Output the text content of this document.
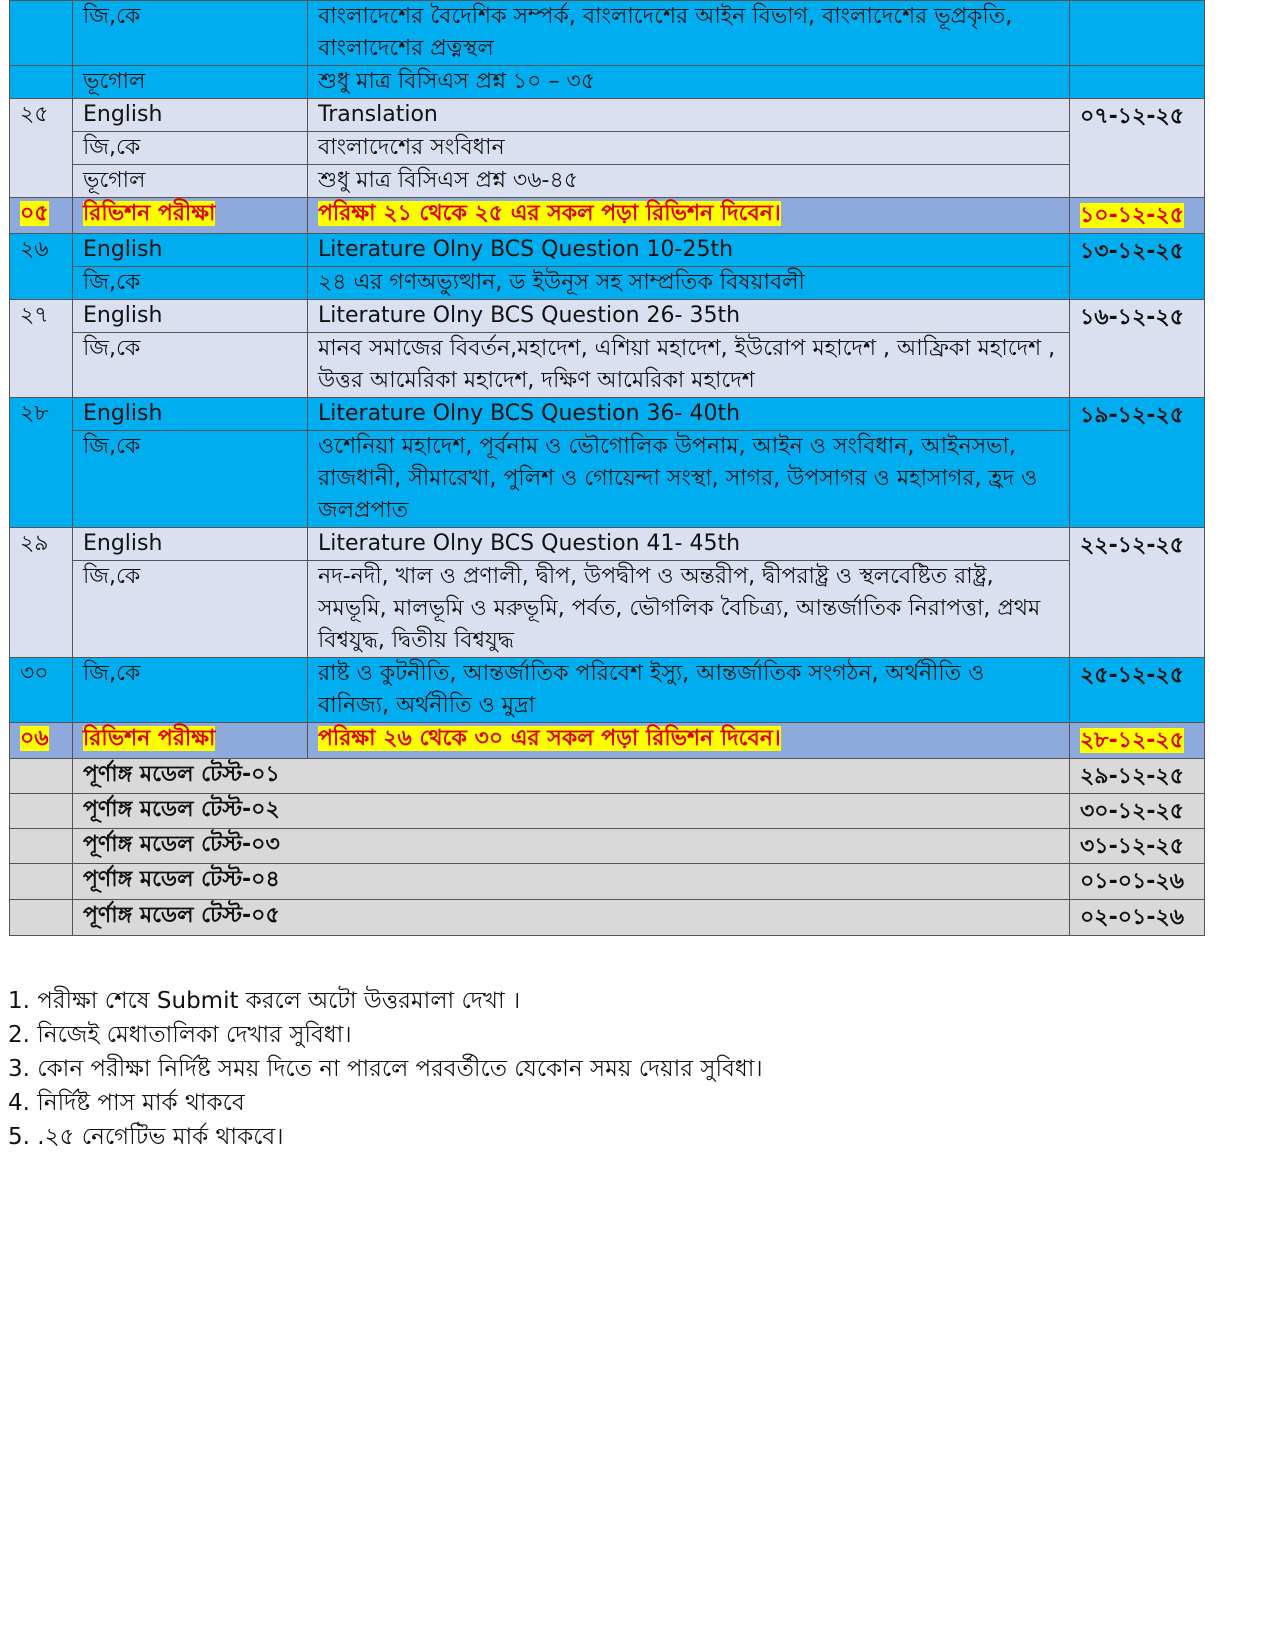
	জি,কে	বাংলাদেশের বৈদেশিক সম্পর্ক, বাংলাদেশের আইন বিভাগ, বাংলাদেশের ভূপ্রকৃতি, বাংলাদেশের প্রত্নস্থল	
	ভূগোল	শুধু মাত্র বিসিএস প্রশ্ন ১০ – ৩৫	
২৫	English	Translation	০৭-১২-২৫
	জি,কে	বাংলাদেশের সংবিধান	
	ভূগোল	শুধু মাত্র বিসিএস প্রশ্ন ৩৬-৪৫	
০৫	রিভিশন পরীক্ষা	পরিক্ষা ২১ থেকে ২৫ এর সকল পড়া রিভিশন দিবেন।	১০-১২-২৫
২৬	English	Literature Olny BCS Question 10-25th	১৩-১২-২৫
	জি,কে	২৪ এর গণঅভ্যুত্থান, ড ইউনূস সহ সাম্প্রতিক বিষয়াবলী	
২৭	English	Literature Olny BCS Question 26- 35th	১৬-১২-২৫
	জি,কে	মানব সমাজের বিবর্তন,মহাদেশ, এশিয়া মহাদেশ, ইউরোপ মহাদেশ , আফ্রিকা মহাদেশ , উত্তর আমেরিকা মহাদেশ, দক্ষিণ আমেরিকা মহাদেশ	
২৮	English	Literature Olny BCS Question 36- 40th	১৯-১২-২৫
	জি,কে	ওশেনিয়া মহাদেশ, পূর্বনাম ও ভৌগোলিক উপনাম, আইন ও সংবিধান, আইনসভা, রাজধানী, সীমারেখা, পুলিশ ও গোয়েন্দা সংস্থা, সাগর, উপসাগর ও মহাসাগর, হ্রদ ও জলপ্রপাত	
২৯	English	Literature Olny BCS Question 41- 45th	২২-১২-২৫
	জি,কে	নদ-নদী, খাল ও প্রণালী, দ্বীপ, উপদ্বীপ ও অন্তরীপ, দ্বীপরাষ্ট্র ও স্থলবেষ্টিত রাষ্ট্র, সমভূমি, মালভূমি ও মরুভূমি, পর্বত, ভৌগলিক বৈচিত্র্য, আন্তর্জাতিক নিরাপত্তা, প্রথম বিশ্বযুদ্ধ, দ্বিতীয় বিশ্বযুদ্ধ	
৩০	জি,কে	রাষ্ট ও কুটনীতি, আন্তর্জাতিক পরিবেশ ইস্যু, আন্তর্জাতিক সংগঠন, অর্থনীতি ও বানিজ্য, অর্থনীতি ও মুদ্রা	২৫-১২-২৫
০৬	রিভিশন পরীক্ষা	পরিক্ষা ২৬ থেকে ৩০ এর সকল পড়া রিভিশন দিবেন।	২৮-১২-২৫
	পূর্ণাঙ্গ মডেল টেস্ট-০১		২৯-১২-২৫
	পূর্ণাঙ্গ মডেল টেস্ট-০২		৩০-১২-২৫
	পূর্ণাঙ্গ মডেল টেস্ট-০৩		৩১-১২-২৫
	পূর্ণাঙ্গ মডেল টেস্ট-০৪		০১-০১-২৬
	পূর্ণাঙ্গ মডেল টেস্ট-০৫		০২-০১-২৬
1. পরীক্ষা শেষে Submit করলে অটো উত্তরমালা দেখা ।
2. নিজেই মেধাতালিকা দেখার সুবিধা।
3. কোন পরীক্ষা নির্দিষ্ট সময় দিতে না পারলে পরবর্তীতে যেকোন সময় দেয়ার সুবিধা।
4. নির্দিষ্ট পাস মার্ক থাকবে
5. .২৫ নেগেটিভ মার্ক থাকবে।
